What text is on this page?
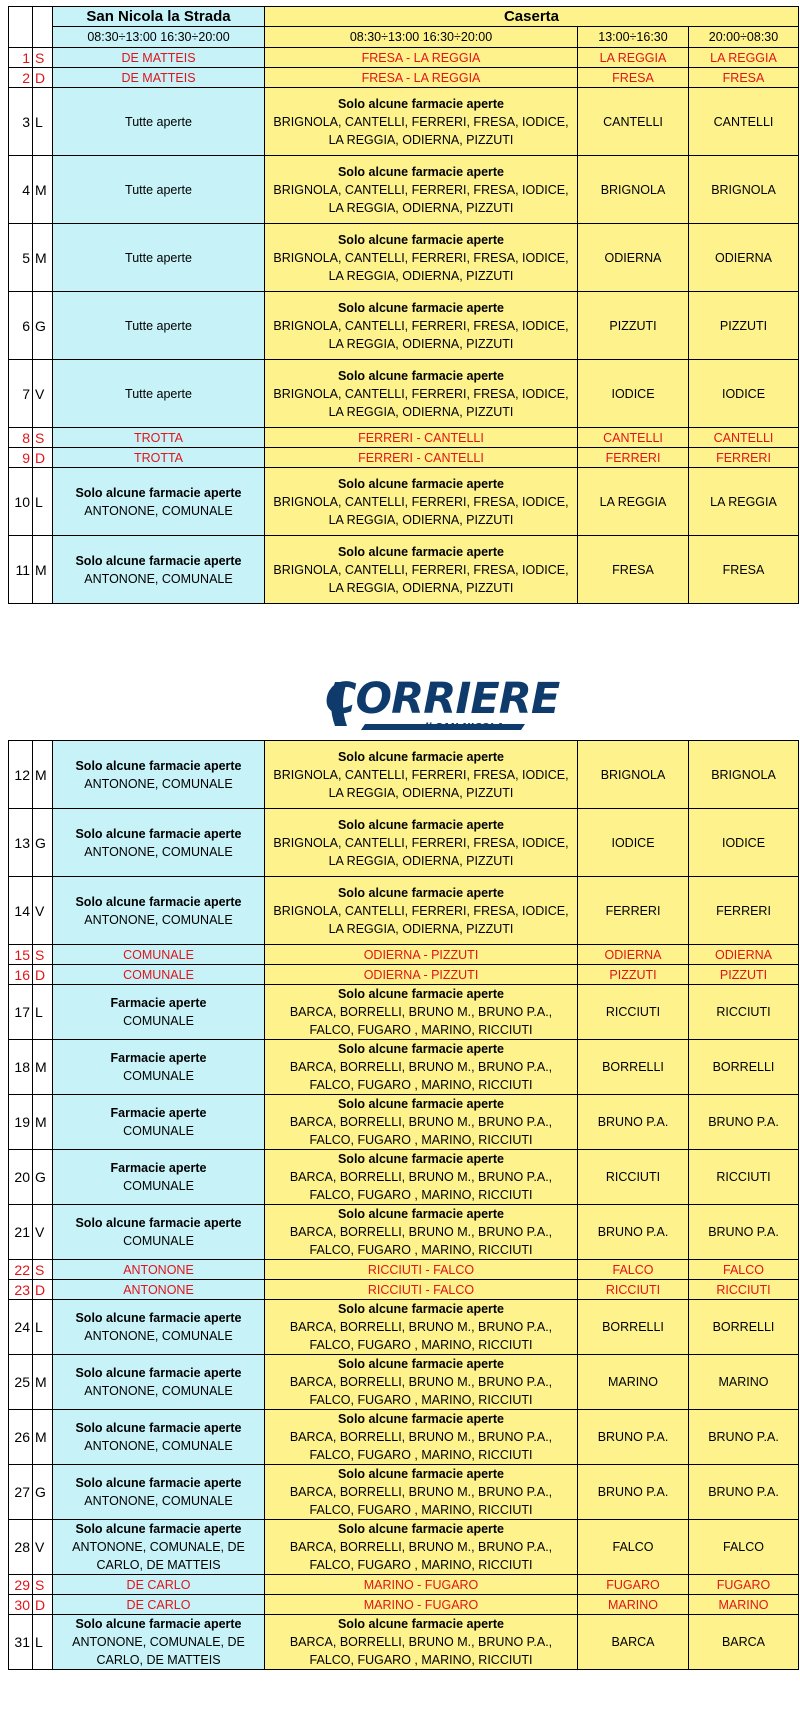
		San Nicola la Strada	Caserta		
		08:30÷13:00 16:30÷20:00	08:30÷13:00 16:30÷20:00	13:00÷16:30	20:00÷08:30
1	S	DE MATTEIS	FRESA - LA REGGIA	LA REGGIA	LA REGGIA
2	D	DE MATTEIS	FRESA - LA REGGIA	FRESA	FRESA
3	L	Tutte aperte	Solo alcune farmacie aperte
BRIGNOLA, CANTELLI, FERRERI, FRESA, IODICE, LA REGGIA, ODIERNA, PIZZUTI	CANTELLI	CANTELLI
4	M	Tutte aperte	Solo alcune farmacie aperte
BRIGNOLA, CANTELLI, FERRERI, FRESA, IODICE, LA REGGIA, ODIERNA, PIZZUTI	BRIGNOLA	BRIGNOLA
5	M	Tutte aperte	Solo alcune farmacie aperte
BRIGNOLA, CANTELLI, FERRERI, FRESA, IODICE, LA REGGIA, ODIERNA, PIZZUTI	ODIERNA	ODIERNA
6	G	Tutte aperte	Solo alcune farmacie aperte
BRIGNOLA, CANTELLI, FERRERI, FRESA, IODICE, LA REGGIA, ODIERNA, PIZZUTI	PIZZUTI	PIZZUTI
7	V	Tutte aperte	Solo alcune farmacie aperte
BRIGNOLA, CANTELLI, FERRERI, FRESA, IODICE, LA REGGIA, ODIERNA, PIZZUTI	IODICE	IODICE
8	S	TROTTA	FERRERI - CANTELLI	CANTELLI	CANTELLI
9	D	TROTTA	FERRERI - CANTELLI	FERRERI	FERRERI
10	L	Solo alcune farmacie aperte
ANTONONE, COMUNALE	Solo alcune farmacie aperte
BRIGNOLA, CANTELLI, FERRERI, FRESA, IODICE, LA REGGIA, ODIERNA, PIZZUTI	LA REGGIA	LA REGGIA
11	M	Solo alcune farmacie aperte
ANTONONE, COMUNALE	Solo alcune farmacie aperte
BRIGNOLA, CANTELLI, FERRERI, FRESA, IODICE, LA REGGIA, ODIERNA, PIZZUTI	FRESA	FRESA
CORRIERE
di SAN NICOLA
12	M	Solo alcune farmacie aperte
ANTONONE, COMUNALE	Solo alcune farmacie aperte
BRIGNOLA, CANTELLI, FERRERI, FRESA, IODICE, LA REGGIA, ODIERNA, PIZZUTI	BRIGNOLA	BRIGNOLA
13	G	Solo alcune farmacie aperte
ANTONONE, COMUNALE	Solo alcune farmacie aperte
BRIGNOLA, CANTELLI, FERRERI, FRESA, IODICE, LA REGGIA, ODIERNA, PIZZUTI	IODICE	IODICE
14	V	Solo alcune farmacie aperte
ANTONONE, COMUNALE	Solo alcune farmacie aperte
BRIGNOLA, CANTELLI, FERRERI, FRESA, IODICE, LA REGGIA, ODIERNA, PIZZUTI	FERRERI	FERRERI
15	S	COMUNALE	ODIERNA - PIZZUTI	ODIERNA	ODIERNA
16	D	COMUNALE	ODIERNA - PIZZUTI	PIZZUTI	PIZZUTI
17	L	Farmacie aperte
COMUNALE	Solo alcune farmacie aperte
BARCA, BORRELLI, BRUNO M., BRUNO P.A., FALCO, FUGARO , MARINO, RICCIUTI	RICCIUTI	RICCIUTI
18	M	Farmacie aperte
COMUNALE	Solo alcune farmacie aperte
BARCA, BORRELLI, BRUNO M., BRUNO P.A., FALCO, FUGARO , MARINO, RICCIUTI	BORRELLI	BORRELLI
19	M	Farmacie aperte
COMUNALE	Solo alcune farmacie aperte
BARCA, BORRELLI, BRUNO M., BRUNO P.A., FALCO, FUGARO , MARINO, RICCIUTI	BRUNO P.A.	BRUNO P.A.
20	G	Farmacie aperte
COMUNALE	Solo alcune farmacie aperte
BARCA, BORRELLI, BRUNO M., BRUNO P.A., FALCO, FUGARO , MARINO, RICCIUTI	RICCIUTI	RICCIUTI
21	V	Solo alcune farmacie aperte
COMUNALE	Solo alcune farmacie aperte
BARCA, BORRELLI, BRUNO M., BRUNO P.A., FALCO, FUGARO , MARINO, RICCIUTI	BRUNO P.A.	BRUNO P.A.
22	S	ANTONONE	RICCIUTI - FALCO	FALCO	FALCO
23	D	ANTONONE	RICCIUTI - FALCO	RICCIUTI	RICCIUTI
24	L	Solo alcune farmacie aperte
ANTONONE, COMUNALE	Solo alcune farmacie aperte
BARCA, BORRELLI, BRUNO M., BRUNO P.A., FALCO, FUGARO , MARINO, RICCIUTI	BORRELLI	BORRELLI
25	M	Solo alcune farmacie aperte
ANTONONE, COMUNALE	Solo alcune farmacie aperte
BARCA, BORRELLI, BRUNO M., BRUNO P.A., FALCO, FUGARO , MARINO, RICCIUTI	MARINO	MARINO
26	M	Solo alcune farmacie aperte
ANTONONE, COMUNALE	Solo alcune farmacie aperte
BARCA, BORRELLI, BRUNO M., BRUNO P.A., FALCO, FUGARO , MARINO, RICCIUTI	BRUNO P.A.	BRUNO P.A.
27	G	Solo alcune farmacie aperte
ANTONONE, COMUNALE	Solo alcune farmacie aperte
BARCA, BORRELLI, BRUNO M., BRUNO P.A., FALCO, FUGARO , MARINO, RICCIUTI	BRUNO P.A.	BRUNO P.A.
28	V	Solo alcune farmacie aperte
ANTONONE, COMUNALE, DE CARLO, DE MATTEIS	Solo alcune farmacie aperte
BARCA, BORRELLI, BRUNO M., BRUNO P.A., FALCO, FUGARO , MARINO, RICCIUTI	FALCO	FALCO
29	S	DE CARLO	MARINO - FUGARO	FUGARO	FUGARO
30	D	DE CARLO	MARINO - FUGARO	MARINO	MARINO
31	L	Solo alcune farmacie aperte
ANTONONE, COMUNALE, DE CARLO, DE MATTEIS	Solo alcune farmacie aperte
BARCA, BORRELLI, BRUNO M., BRUNO P.A., FALCO, FUGARO , MARINO, RICCIUTI	BARCA	BARCA
